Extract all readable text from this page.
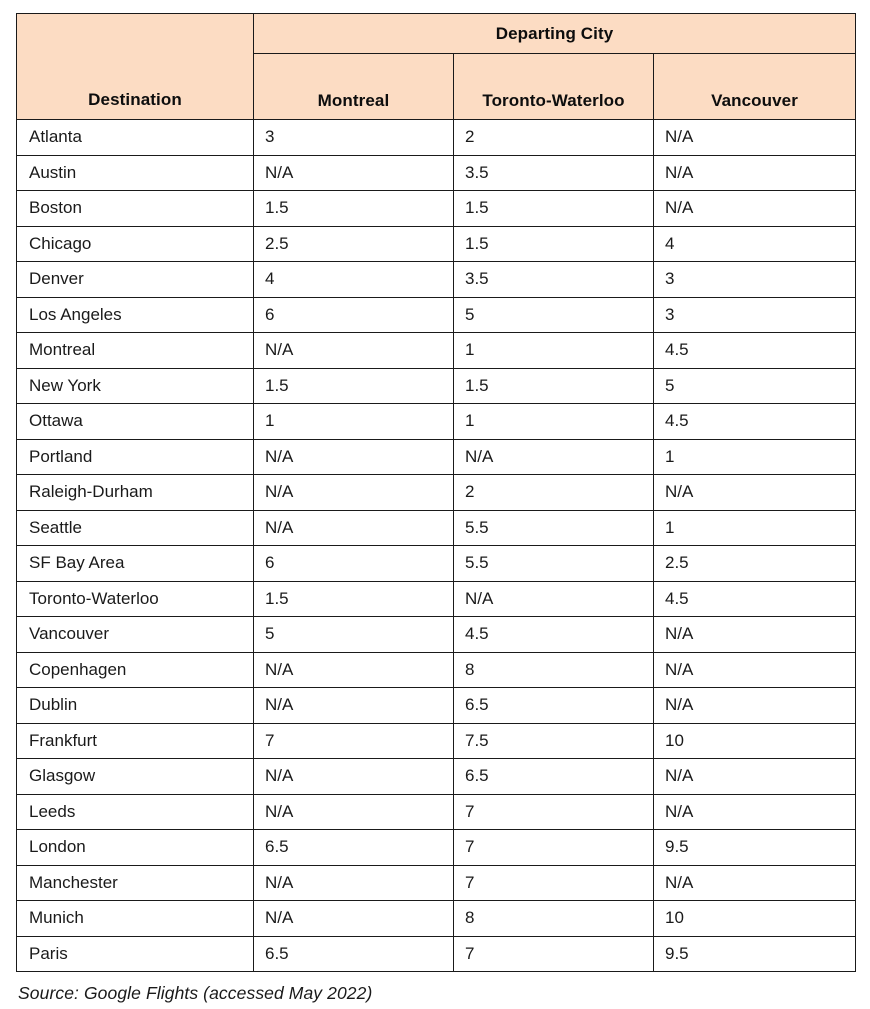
Destination	Departing City		
	Montreal	Toronto-Waterloo	Vancouver
Atlanta	3	2	N/A
Austin	N/A	3.5	N/A
Boston	1.5	1.5	N/A
Chicago	2.5	1.5	4
Denver	4	3.5	3
Los Angeles	6	5	3
Montreal	N/A	1	4.5
New York	1.5	1.5	5
Ottawa	1	1	4.5
Portland	N/A	N/A	1
Raleigh-Durham	N/A	2	N/A
Seattle	N/A	5.5	1
SF Bay Area	6	5.5	2.5
Toronto-Waterloo	1.5	N/A	4.5
Vancouver	5	4.5	N/A
Copenhagen	N/A	8	N/A
Dublin	N/A	6.5	N/A
Frankfurt	7	7.5	10
Glasgow	N/A	6.5	N/A
Leeds	N/A	7	N/A
London	6.5	7	9.5
Manchester	N/A	7	N/A
Munich	N/A	8	10
Paris	6.5	7	9.5
Source: Google Flights (accessed May 2022)
